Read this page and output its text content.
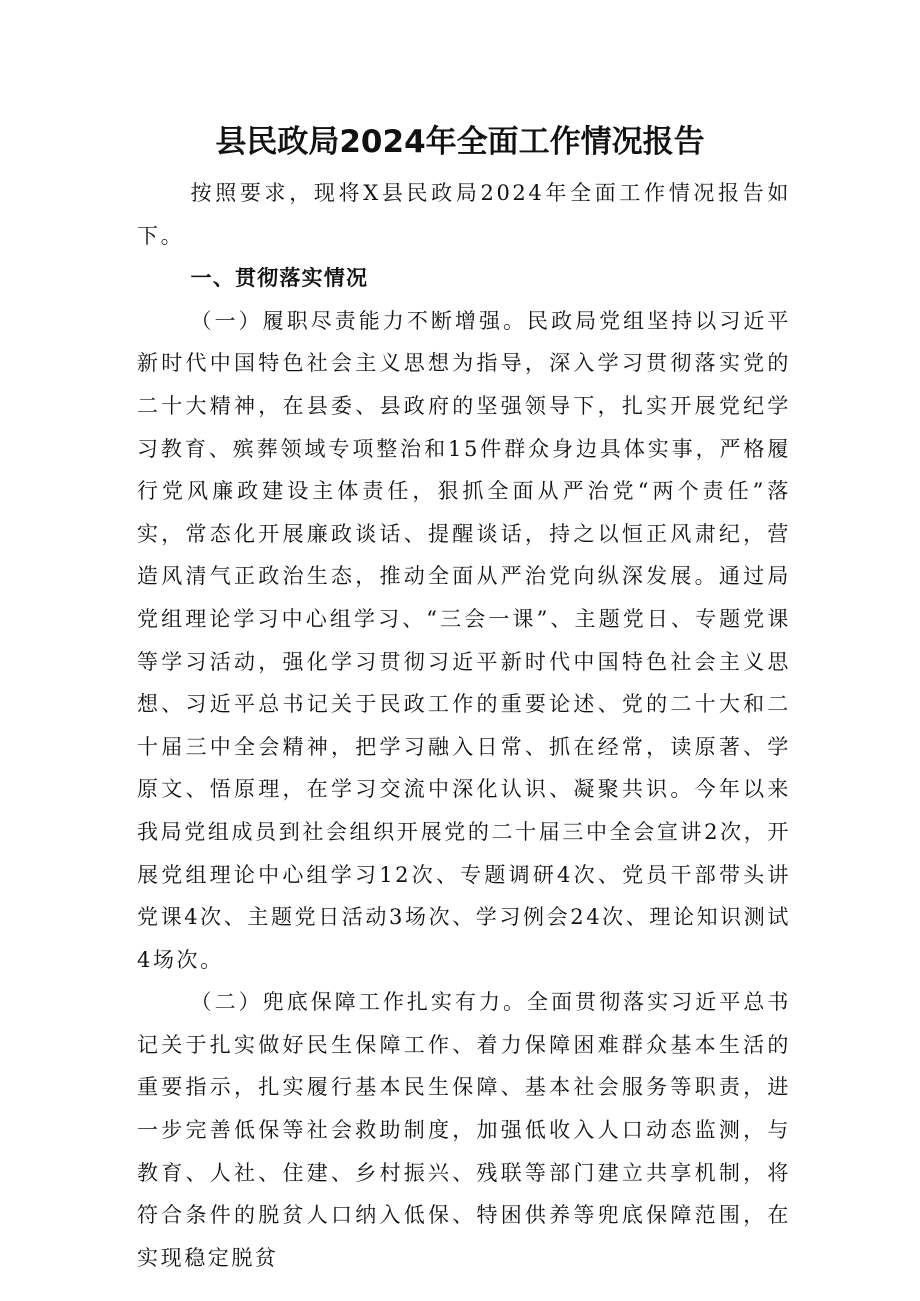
县民政局2024年全面工作情况报告

按照要求，现将X县民政局2024年全面工作情况报告如下。

一、贯彻落实情况

（一）履职尽责能力不断增强。民政局党组坚持以习近平新时代中国特色社会主义思想为指导，深入学习贯彻落实党的二十大精神，在县委、县政府的坚强领导下，扎实开展党纪学习教育、殡葬领域专项整治和15件群众身边具体实事，严格履行党风廉政建设主体责任，狠抓全面从严治党“两个责任”落实，常态化开展廉政谈话、提醒谈话，持之以恒正风肃纪，营造风清气正政治生态，推动全面从严治党向纵深发展。通过局党组理论学习中心组学习、“三会一课”、主题党日、专题党课等学习活动，强化学习贯彻习近平新时代中国特色社会主义思想、习近平总书记关于民政工作的重要论述、党的二十大和二十届三中全会精神，把学习融入日常、抓在经常，读原著、学原文、悟原理，在学习交流中深化认识、凝聚共识。今年以来我局党组成员到社会组织开展党的二十届三中全会宣讲2次，开展党组理论中心组学习12次、专题调研4次、党员干部带头讲党课4次、主题党日活动3场次、学习例会24次、理论知识测试4场次。

（二）兜底保障工作扎实有力。全面贯彻落实习近平总书记关于扎实做好民生保障工作、着力保障困难群众基本生活的重要指示，扎实履行基本民生保障、基本社会服务等职责，进一步完善低保等社会救助制度，加强低收入人口动态监测，与教育、人社、住建、乡村振兴、残联等部门建立共享机制，将符合条件的脱贫人口纳入低保、特困供养等兜底保障范围，在实现稳定脱贫
